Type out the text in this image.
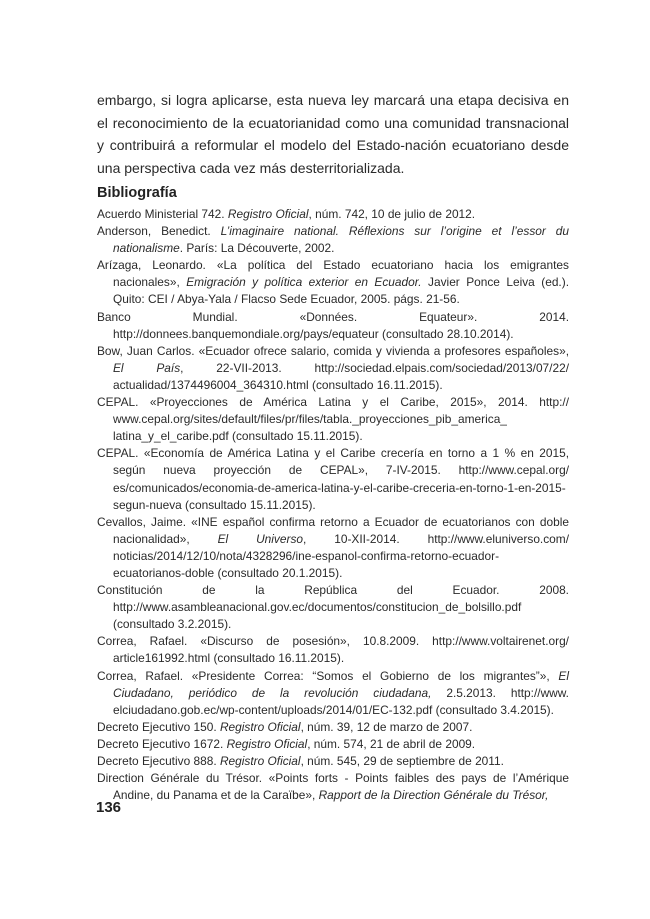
embargo, si logra aplicarse, esta nueva ley marcará una etapa decisiva en el reconocimiento de la ecuatorianidad como una comunidad transnacional y contribuirá a reformular el modelo del Estado-nación ecuatoriano desde una perspectiva cada vez más desterritorializada.

Bibliografía
Acuerdo Ministerial 742. Registro Oficial, núm. 742, 10 de julio de 2012.
Anderson, Benedict. L’imaginaire national. Réflexions sur l’origine et l’essor du nationalisme. París: La Découverte, 2002.
Arízaga, Leonardo. «La política del Estado ecuatoriano hacia los emigrantes nacionales», Emigración y política exterior en Ecuador. Javier Ponce Leiva (ed.). Quito: CEI / Abya-Yala / Flacso Sede Ecuador, 2005. págs. 21-56.
Banco Mundial. «Données. Equateur». 2014. http://donnees.banquemondiale.org/pays/equateur (consultado 28.10.2014).
Bow, Juan Carlos. «Ecuador ofrece salario, comida y vivienda a profesores españoles», El País, 22-VII-2013. http://sociedad.elpais.com/sociedad/2013/07/22/ actualidad/1374496004_364310.html (consultado 16.11.2015).
CEPAL. «Proyecciones de América Latina y el Caribe, 2015», 2014. http:// www.cepal.org/sites/default/files/pr/files/tabla._proyecciones_pib_america_ latina_y_el_caribe.pdf (consultado 15.11.2015).
CEPAL. «Economía de América Latina y el Caribe crecería en torno a 1 % en 2015, según nueva proyección de CEPAL», 7-IV-2015. http://www.cepal.org/ es/comunicados/economia-de-america-latina-y-el-caribe-creceria-en-torno-1-en-2015-segun-nueva (consultado 15.11.2015).
Cevallos, Jaime. «INE español confirma retorno a Ecuador de ecuatorianos con doble nacionalidad», El Universo, 10-XII-2014. http://www.eluniverso.com/ noticias/2014/12/10/nota/4328296/ine-espanol-confirma-retorno-ecuador-ecuatorianos-doble (consultado 20.1.2015).
Constitución de la República del Ecuador. 2008. http://www.asambleanacional.gov.ec/documentos/constitucion_de_bolsillo.pdf (consultado 3.2.2015).
Correa, Rafael. «Discurso de posesión», 10.8.2009. http://www.voltairenet.org/ article161992.html (consultado 16.11.2015).
Correa, Rafael. «Presidente Correa: “Somos el Gobierno de los migrantes”», El Ciudadano, periódico de la revolución ciudadana, 2.5.2013. http://www. elciudadano.gob.ec/wp-content/uploads/2014/01/EC-132.pdf (consultado 3.4.2015).
Decreto Ejecutivo 150. Registro Oficial, núm. 39, 12 de marzo de 2007.
Decreto Ejecutivo 1672. Registro Oficial, núm. 574, 21 de abril de 2009.
Decreto Ejecutivo 888. Registro Oficial, núm. 545, 29 de septiembre de 2011.
Direction Générale du Trésor. «Points forts - Points faibles des pays de l’Amérique Andine, du Panama et de la Caraïbe», Rapport de la Direction Générale du Trésor,

136
